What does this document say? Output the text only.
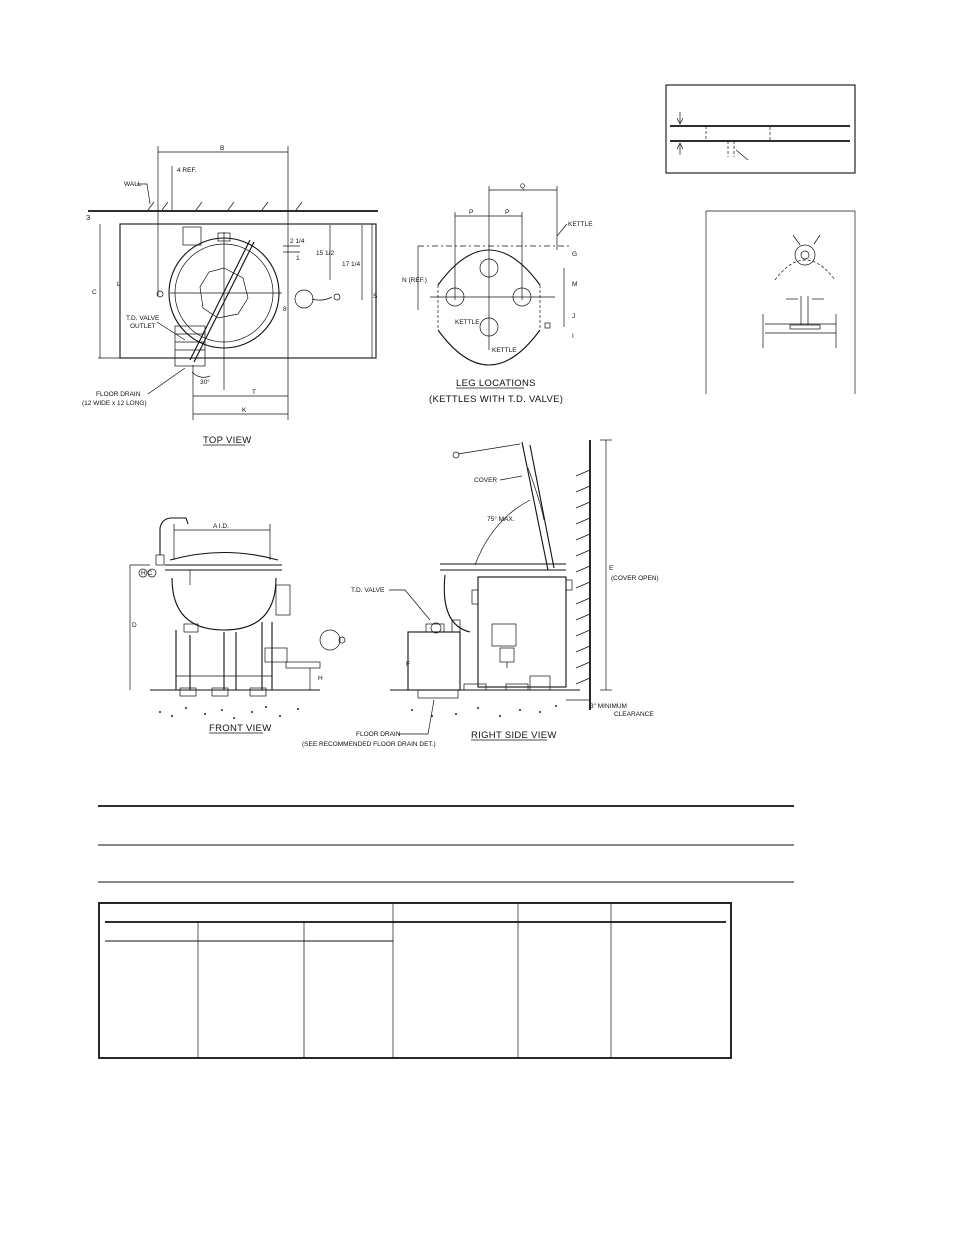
WALL
B
4 REF.
3
2 1/4
1
15 1/2
17 1/4
S
8
C
L
T.D. VALVE
OUTLET
30°
T
K
FLOOR DRAIN
(12 WIDE x 12 LONG)
TOP VIEW
Q
P	P
KETTLE
G
N (REF.)
M
J
I
KETTLE
KETTLE
LEG LOCATIONS
(KETTLES WITH T.D. VALVE)
A I.D.
D
H C
H
FRONT VIEW
COVER
75° MAX.
T.D. VALVE
F
E
(COVER OPEN)
3" MINIMUM
CLEARANCE
FLOOR DRAIN
(SEE RECOMMENDED FLOOR DRAIN DET.)
RIGHT SIDE VIEW
